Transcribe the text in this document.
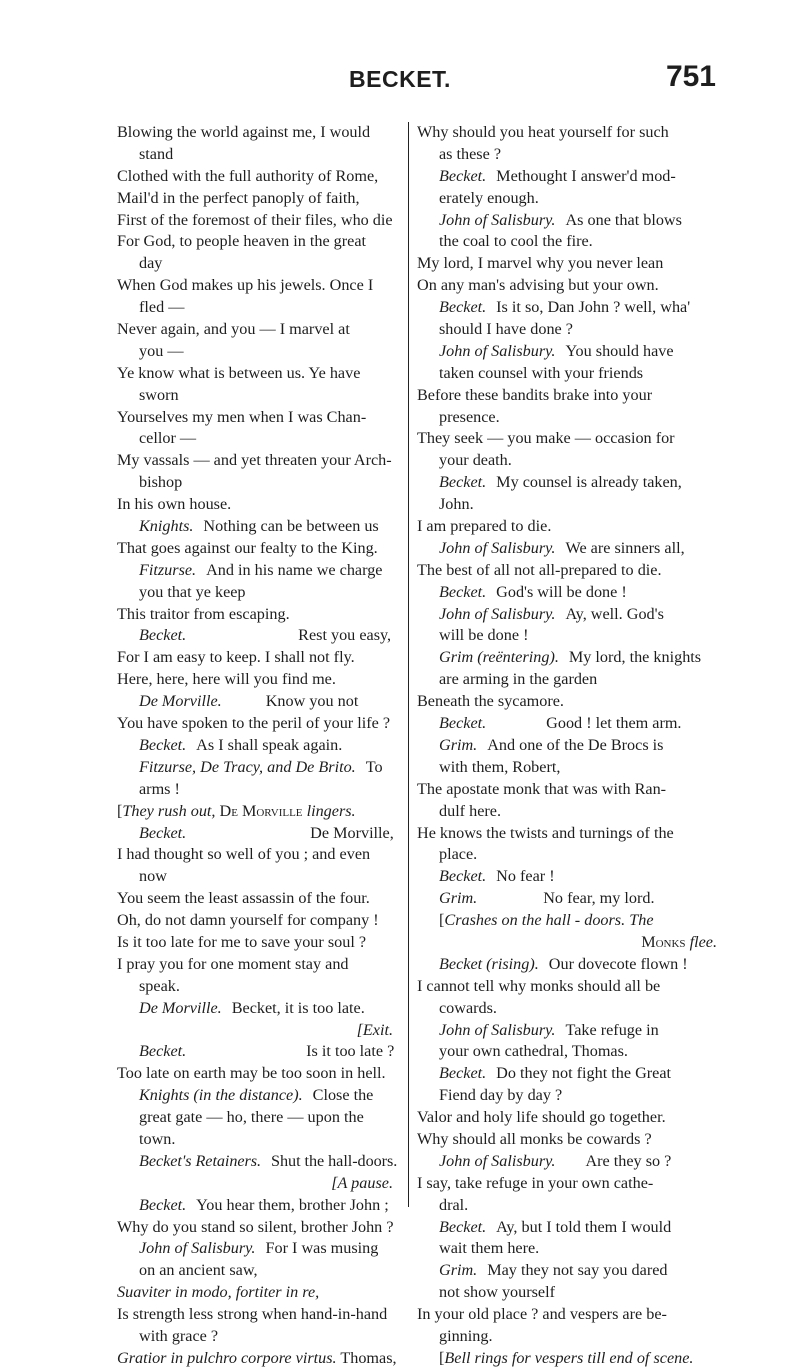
BECKET.	751
Blowing the world against me, I would
stand
Clothed with the full authority of Rome,
Mail'd in the perfect panoply of faith,
First of the foremost of their files, who die
For God, to people heaven in the great
day
When God makes up his jewels. Once I
fled —
Never again, and you — I marvel at
you —
Ye know what is between us. Ye have
sworn
Yourselves my men when I was Chan-
cellor —
My vassals — and yet threaten your Arch-
bishop
In his own house.
Knights. Nothing can be between us
That goes against our fealty to the King.
Fitzurse. And in his name we charge
you that ye keep
This traitor from escaping.
Becket.	Rest you easy,
For I am easy to keep. I shall not fly.
Here, here, here will you find me.
De Morville.	Know you not
You have spoken to the peril of your life ?
Becket. As I shall speak again.
Fitzurse, De Tracy, and De Brito. To
arms !
[They rush out, De Morville lingers.
Becket.	De Morville,
I had thought so well of you ; and even
now
You seem the least assassin of the four.
Oh, do not damn yourself for company !
Is it too late for me to save your soul ?
I pray you for one moment stay and
speak.
De Morville. Becket, it is too late.
[Exit.
Becket.	Is it too late ?
Too late on earth may be too soon in hell.
Knights (in the distance). Close the
great gate — ho, there — upon the
town.
Becket's Retainers. Shut the hall-doors.
[A pause.
Becket. You hear them, brother John ;
Why do you stand so silent, brother John ?
John of Salisbury. For I was musing
on an ancient saw,
Suaviter in modo, fortiter in re,
Is strength less strong when hand-in-hand
with grace ?
Gratior in pulchro corpore virtus. Thomas,
Why should you heat yourself for such
as these ?
Becket. Methought I answer'd mod-
erately enough.
John of Salisbury. As one that blows
the coal to cool the fire.
My lord, I marvel why you never lean
On any man's advising but your own.
Becket. Is it so, Dan John ? well, wha'
should I have done ?
John of Salisbury. You should have
taken counsel with your friends
Before these bandits brake into your
presence.
They seek — you make — occasion for
your death.
Becket. My counsel is already taken,
John.
I am prepared to die.
John of Salisbury. We are sinners all,
The best of all not all-prepared to die.
Becket. God's will be done !
John of Salisbury. Ay, well. God's
will be done !
Grim (reëntering). My lord, the knights
are arming in the garden
Beneath the sycamore.
Becket.	Good ! let them arm.
Grim. And one of the De Brocs is
with them, Robert,
The apostate monk that was with Ran-
dulf here.
He knows the twists and turnings of the
place.
Becket. No fear !
Grim.	No fear, my lord.
[Crashes on the hall - doors. The
Monks flee.
Becket (rising). Our dovecote flown !
I cannot tell why monks should all be
cowards.
John of Salisbury. Take refuge in
your own cathedral, Thomas.
Becket. Do they not fight the Great
Fiend day by day ?
Valor and holy life should go together.
Why should all monks be cowards ?
John of Salisbury. Are they so ?
I say, take refuge in your own cathe-
dral.
Becket. Ay, but I told them I would
wait them here.
Grim. May they not say you dared
not show yourself
In your old place ? and vespers are be-
ginning.
[Bell rings for vespers till end of scene.
